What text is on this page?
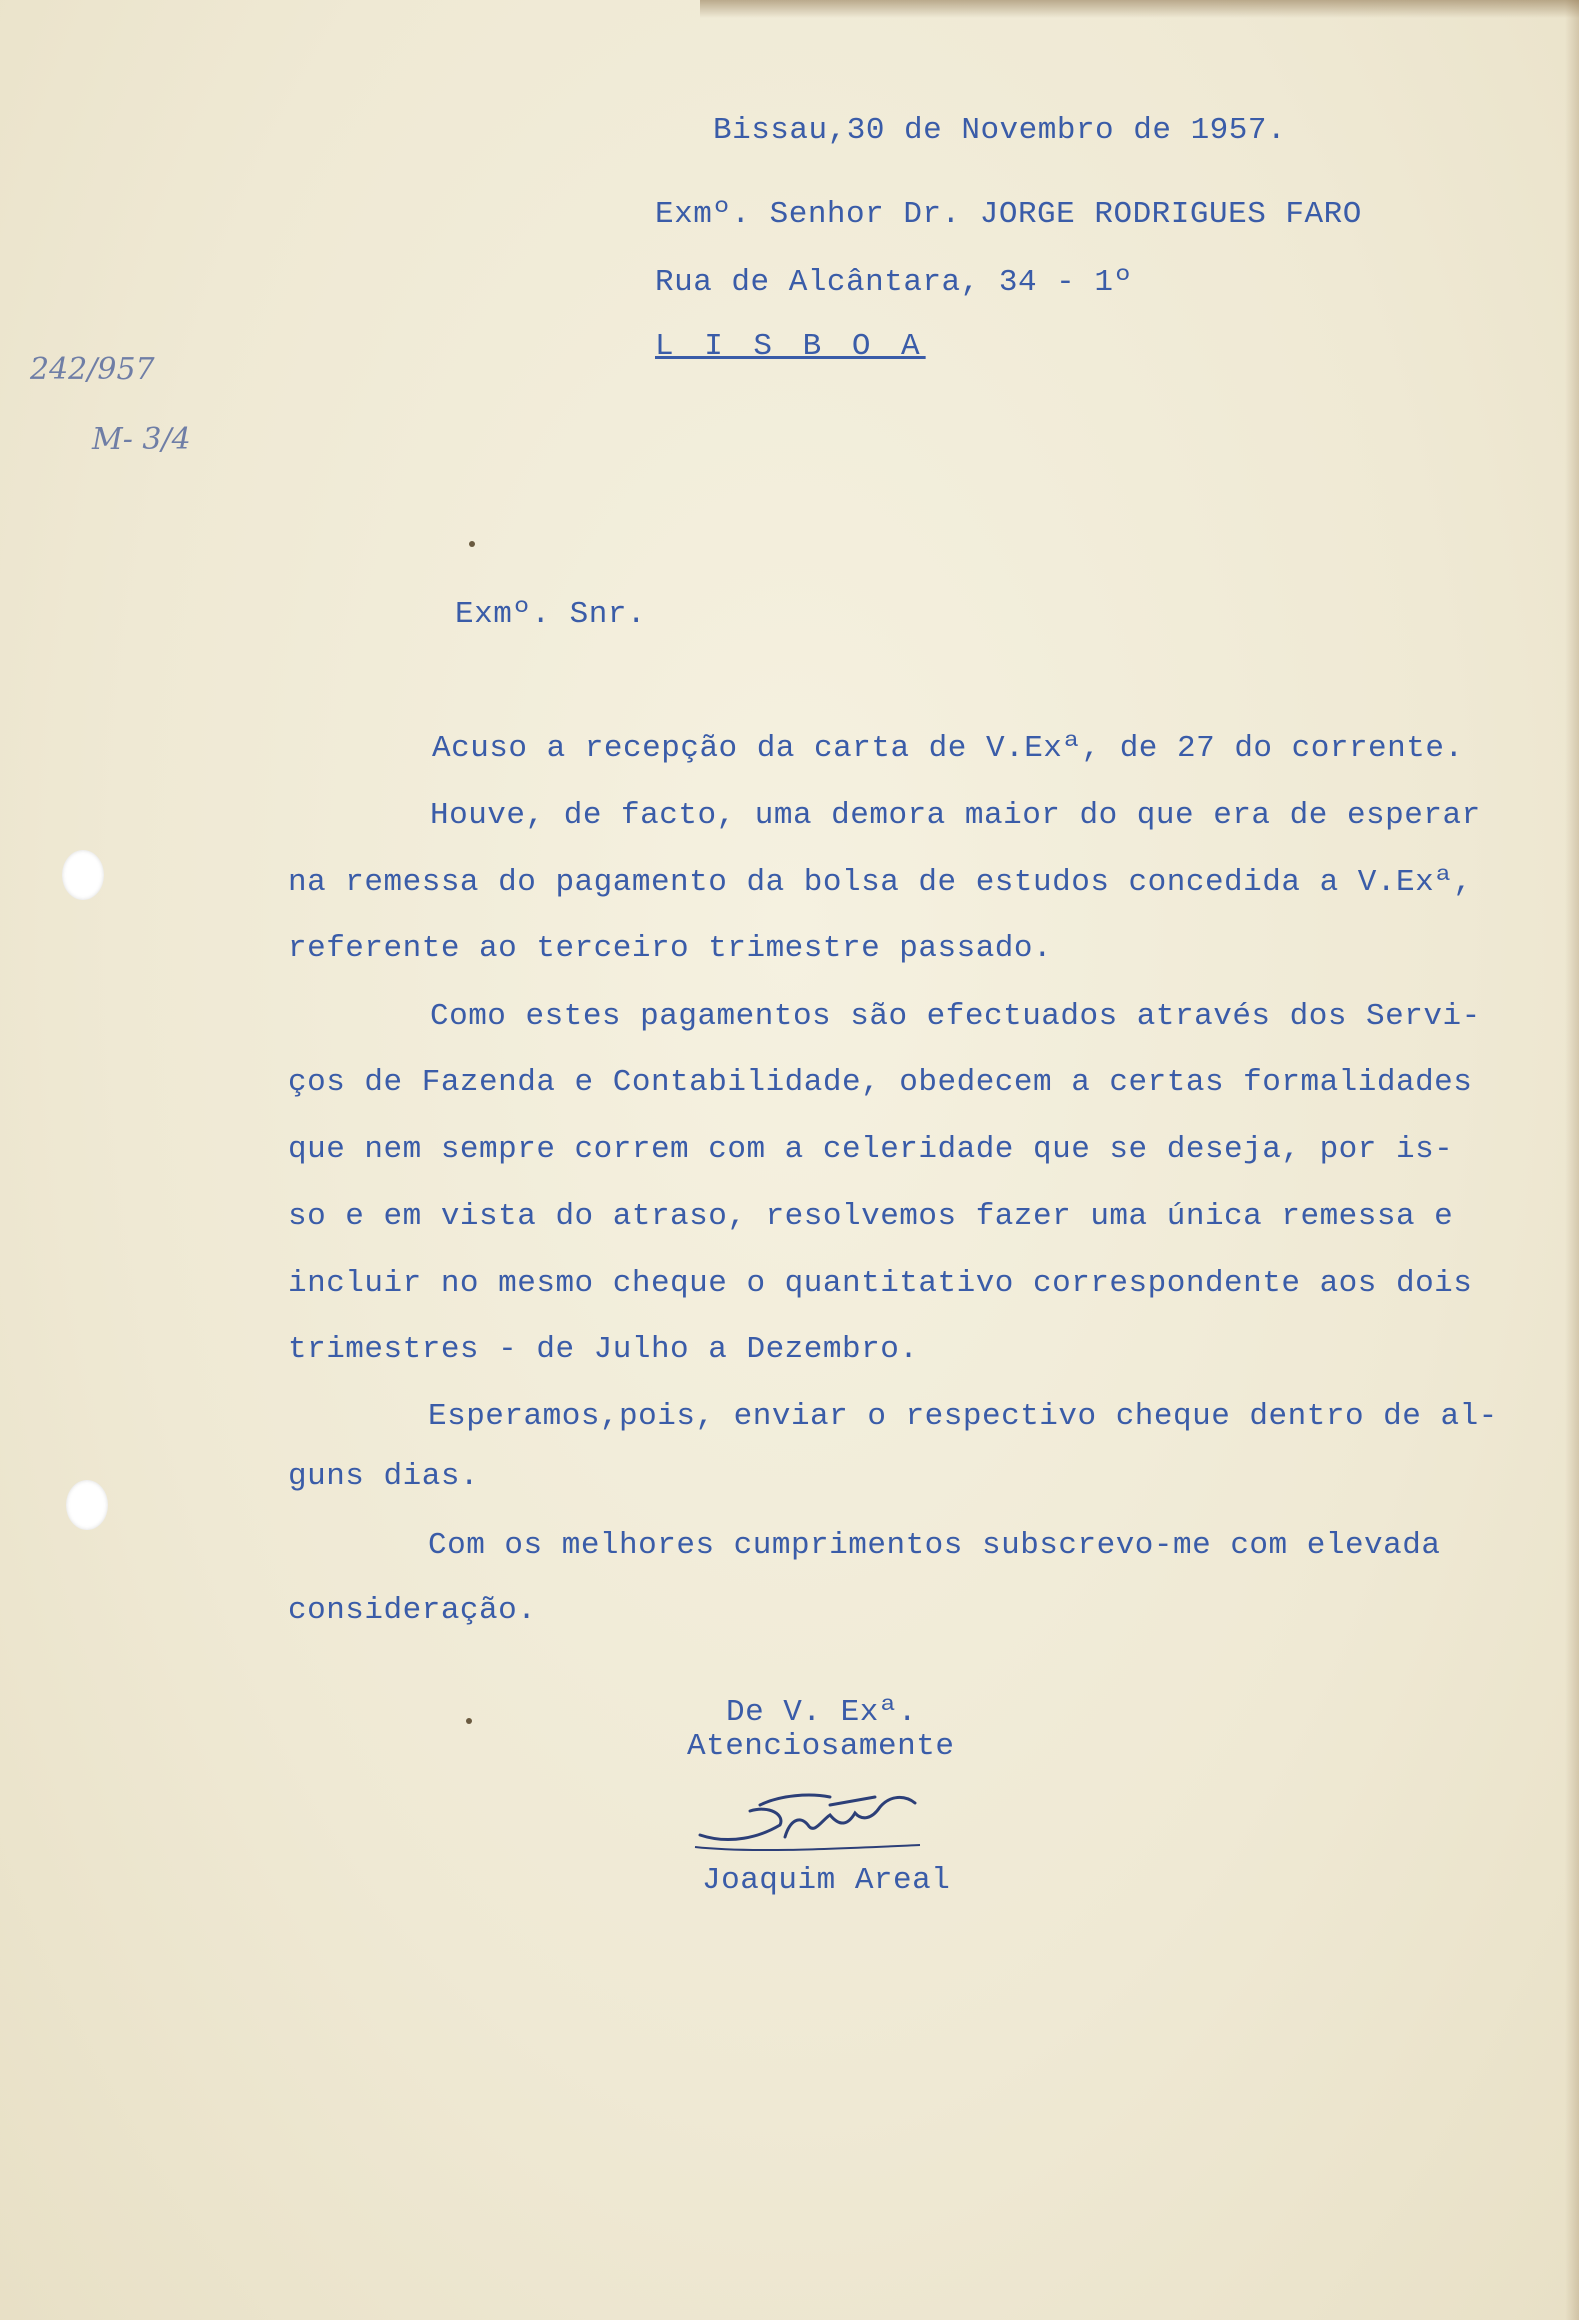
Bissau,30 de Novembro de 1957.

Exmº. Senhor Dr. JORGE RODRIGUES FARO

Rua de Alcântara, 34 - 1º

L I S B O A

242/957

M- 3/4

Exmº. Snr.

Acuso a recepção da carta de V.Exª, de 27 do corrente.

Houve, de facto, uma demora maior do que era de esperar

na remessa do pagamento da bolsa de estudos concedida a V.Exª,

referente ao terceiro trimestre passado.

Como estes pagamentos são efectuados através dos Servi-

ços de Fazenda e Contabilidade, obedecem a certas formalidades

que nem sempre correm com a celeridade que se deseja, por is-

so e em vista do atraso, resolvemos fazer uma única remessa e

incluir no mesmo cheque o quantitativo correspondente aos dois

trimestres - de Julho a Dezembro.

Esperamos,pois, enviar o respectivo cheque dentro de al-

guns dias.

Com os melhores cumprimentos subscrevo-me com elevada

consideração.

De V. Exª.

Atenciosamente

Joaquim Areal
